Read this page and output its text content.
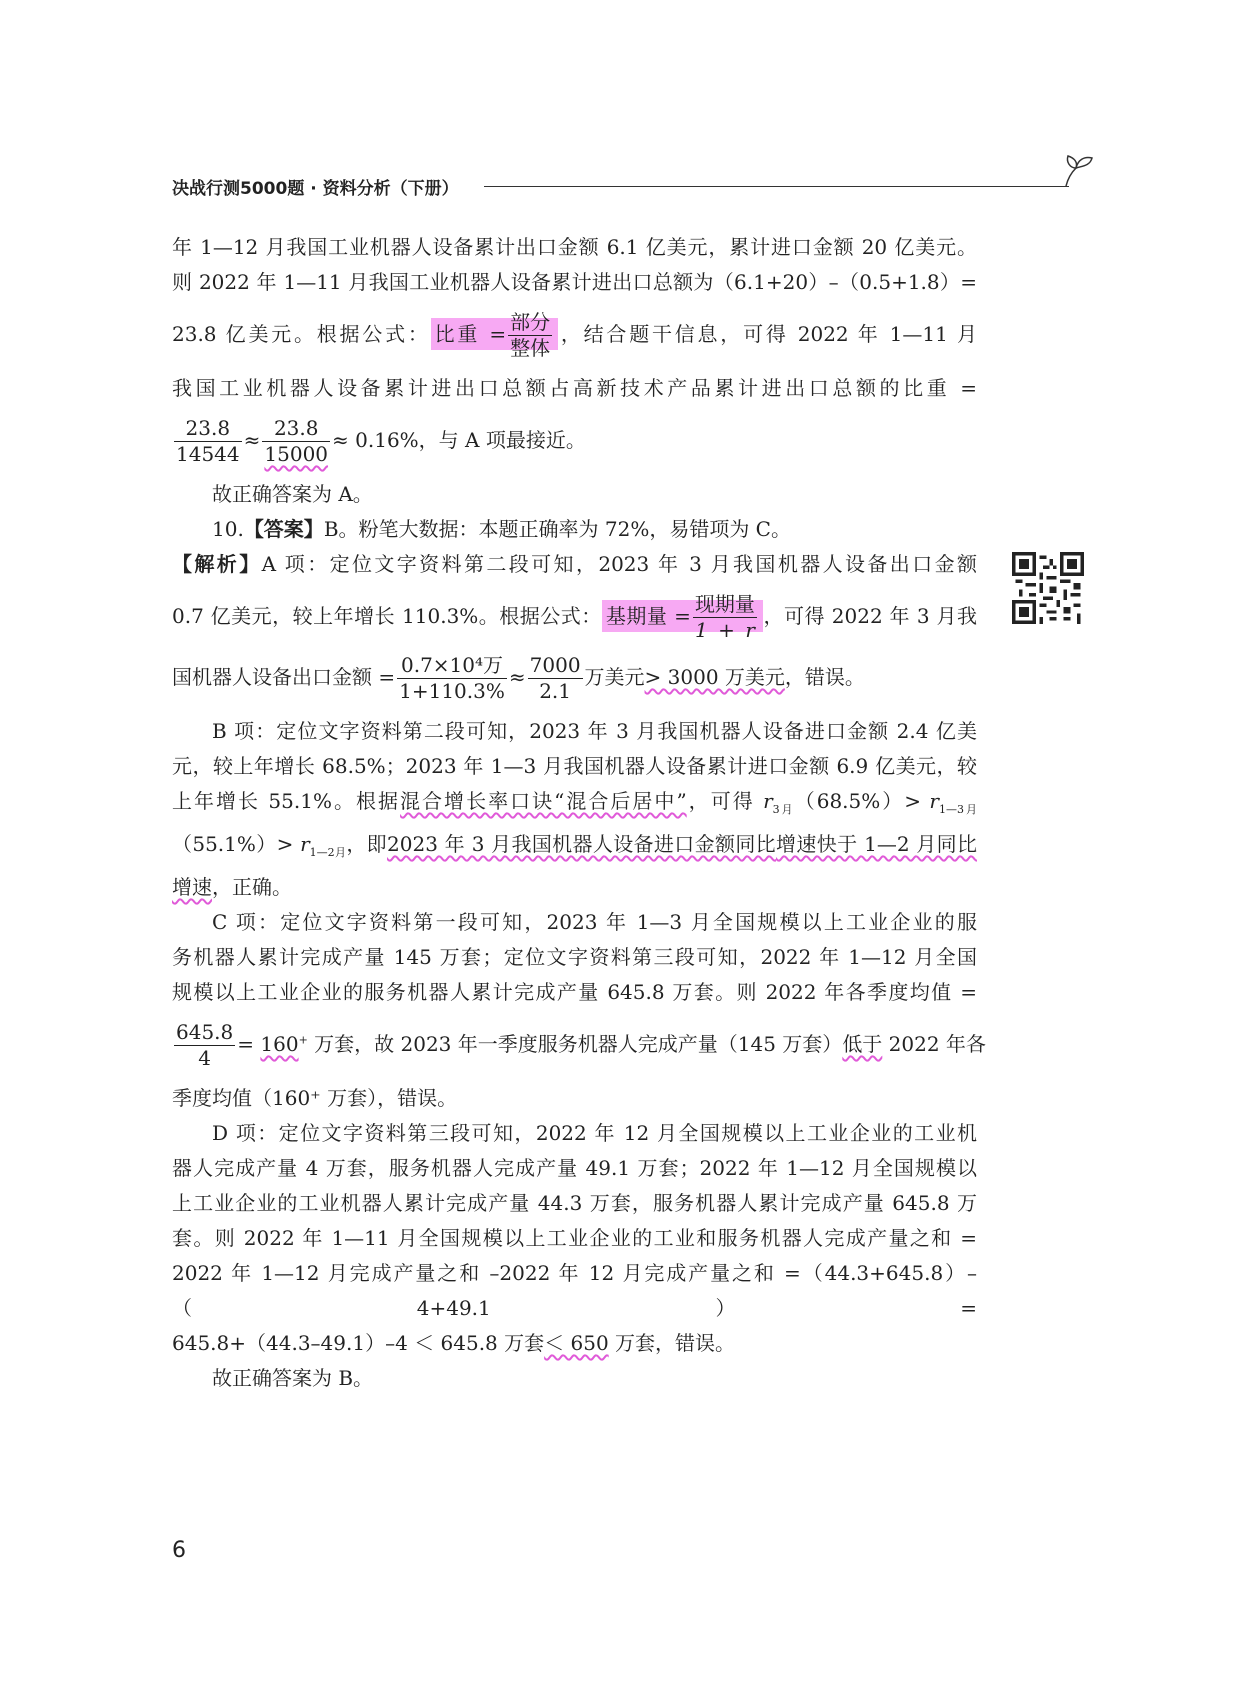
决战行测5000题 · 资料分析（下册）
年 1—12 月我国工业机器人设备累计出口金额 6.1 亿美元，累计进口金额 20 亿美元。
则 2022 年 1—11 月我国工业机器人设备累计进出口总额为（6.1+20）–（0.5+1.8）=
23.8 亿美元。根据公式： 比重 = $\frac{\text{部分}}{\text{整体}}$ ，结合题干信息，可得 2022 年 1—11 月
我国工业机器人设备累计进出口总额占高新技术产品累计进出口总额的比重 =
$\frac{23.8}{14544} \approx \frac{23.8}{15000} \approx 0.16\%$，与 A 项最接近。
故正确答案为 A。
10.【答案】B。粉笔大数据：本题正确率为 72%，易错项为 C。
【解析】A 项：定位文字资料第二段可知，2023 年 3 月我国机器人设备出口金额
0.7 亿美元，较上年增长 110.3%。根据公式： 基期量 = $\frac{\text{现期量}}{1 + r}$ ，可得 2022 年 3 月我
国机器人设备出口金额 = $\frac{\text{0.7×10⁴万}}{1+110.3\%} \approx \frac{7000}{2.1}$ 万美元> 3000 万美元，错误。
B 项：定位文字资料第二段可知，2023 年 3 月我国机器人设备进口金额 2.4 亿美
元，较上年增长 68.5%；2023 年 1—3 月我国机器人设备累计进口金额 6.9 亿美元，较
上年增长 55.1%。根据混合增长率口诀“混合后居中”，可得 $r_{3月}(68.5\%)> r_{1—3月}$
$(55.1\%)> r_{1—2月}$，即2023 年 3 月我国机器人设备进口金额同比增速快于 1—2 月同比
增速，正确。
C 项：定位文字资料第一段可知，2023 年 1—3 月全国规模以上工业企业的服
务机器人累计完成产量 145 万套；定位文字资料第三段可知，2022 年 1—12 月全国
规模以上工业企业的服务机器人累计完成产量 645.8 万套。则 2022 年各季度均值 =
$\frac{645.8}{4} = 160^+$ 万套，故 2023 年一季度服务机器人完成产量（145 万套）低于 2022 年各
季度均值（160⁺ 万套），错误。
D 项：定位文字资料第三段可知，2022 年 12 月全国规模以上工业企业的工业机
器人完成产量 4 万套，服务机器人完成产量 49.1 万套；2022 年 1—12 月全国规模以
上工业企业的工业机器人累计完成产量 44.3 万套，服务机器人累计完成产量 645.8 万
套。则 2022 年 1—11 月全国规模以上工业企业的工业和服务机器人完成产量之和 =
2022 年 1—12 月完成产量之和 –2022 年 12 月完成产量之和 =（44.3+645.8）–（4+49.1）=
645.8+（44.3–49.1）–4 ＜ 645.8 万套＜ 650 万套，错误。
故正确答案为 B。
6
